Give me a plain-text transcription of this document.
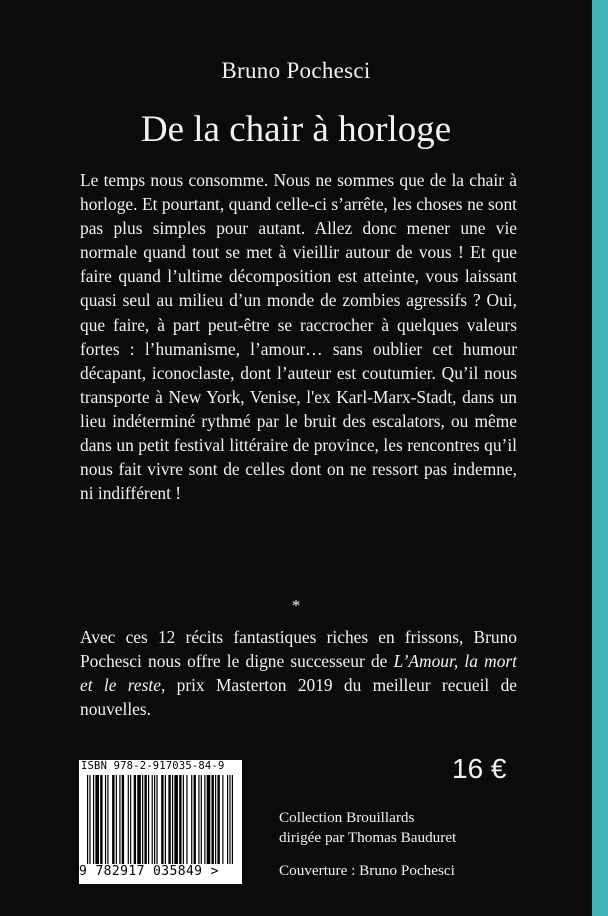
Bruno Pochesci
De la chair à horloge

Le temps nous consomme. Nous ne sommes que de la chair à horloge. Et pourtant, quand celle-ci s’arrête, les choses ne sont pas plus simples pour autant. Allez donc mener une vie normale quand tout se met à vieillir autour de vous ! Et que faire quand l’ultime décomposition est atteinte, vous laissant quasi seul au milieu d’un monde de zombies agressifs ? Oui, que faire, à part peut-être se raccrocher à quelques valeurs fortes : l’humanisme, l’amour… sans oublier cet humour décapant, iconoclaste, dont l’auteur est coutumier. Qu’il nous transporte à New York, Venise, l'ex Karl-Marx-Stadt, dans un lieu indéterminé rythmé par le bruit des escalators, ou même dans un petit festival littéraire de province, les rencontres qu’il nous fait vivre sont de celles dont on ne ressort pas indemne, ni indifférent !

*

Avec ces 12 récits fantastiques riches en frissons, Bruno Pochesci nous offre le digne successeur de L’Amour, la mort et le reste, prix Masterton 2019 du meilleur recueil de nouvelles.

ISBN 978-2-917035-84-9
9 782917 035849 >
16 €
Collection Brouillards
dirigée par Thomas Bauduret
Couverture : Bruno Pochesci
